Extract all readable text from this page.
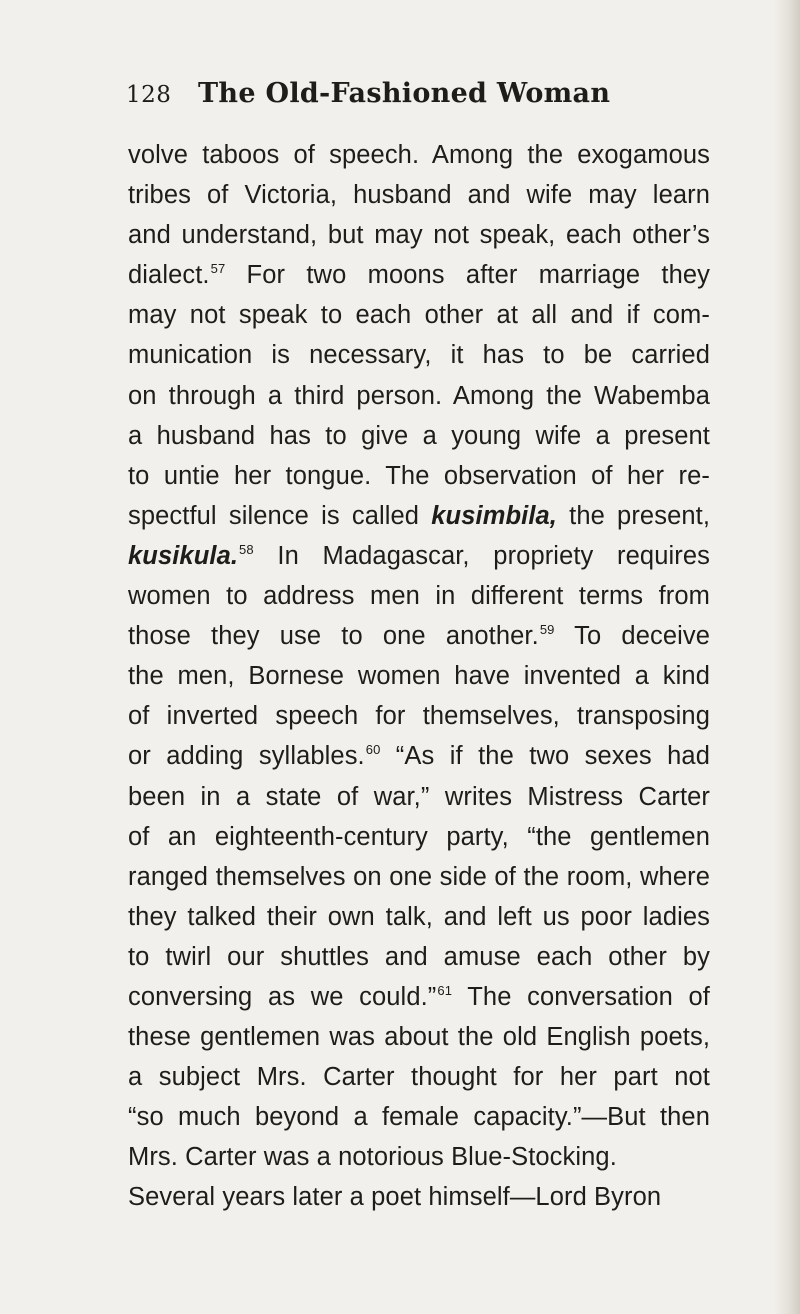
128 The Old-Fashioned Woman
volve taboos of speech. Among the exogamous
tribes of Victoria, husband and wife may learn
and understand, but may not speak, each other’s
dialect.$^{57}$ For two moons after marriage they
may not speak to each other at all and if com-
munication is necessary, it has to be carried
on through a third person. Among the Wabemba
a husband has to give a young wife a present
to untie her tongue. The observation of her re-
spectful silence is called kusimbila, the present,
kusikula.$^{58}$ In Madagascar, propriety requires
women to address men in different terms from
those they use to one another.$^{59}$ To deceive
the men, Bornese women have invented a kind
of inverted speech for themselves, transposing
or adding syllables.$^{60}$ “As if the two sexes had
been in a state of war,” writes Mistress Carter
of an eighteenth-century party, “the gentlemen
ranged themselves on one side of the room, where
they talked their own talk, and left us poor ladies
to twirl our shuttles and amuse each other by
conversing as we could.”$^{61}$ The conversation of
these gentlemen was about the old English poets,
a subject Mrs. Carter thought for her part not
“so much beyond a female capacity.”—But then
Mrs. Carter was a notorious Blue-Stocking.
Several years later a poet himself—Lord Byron
